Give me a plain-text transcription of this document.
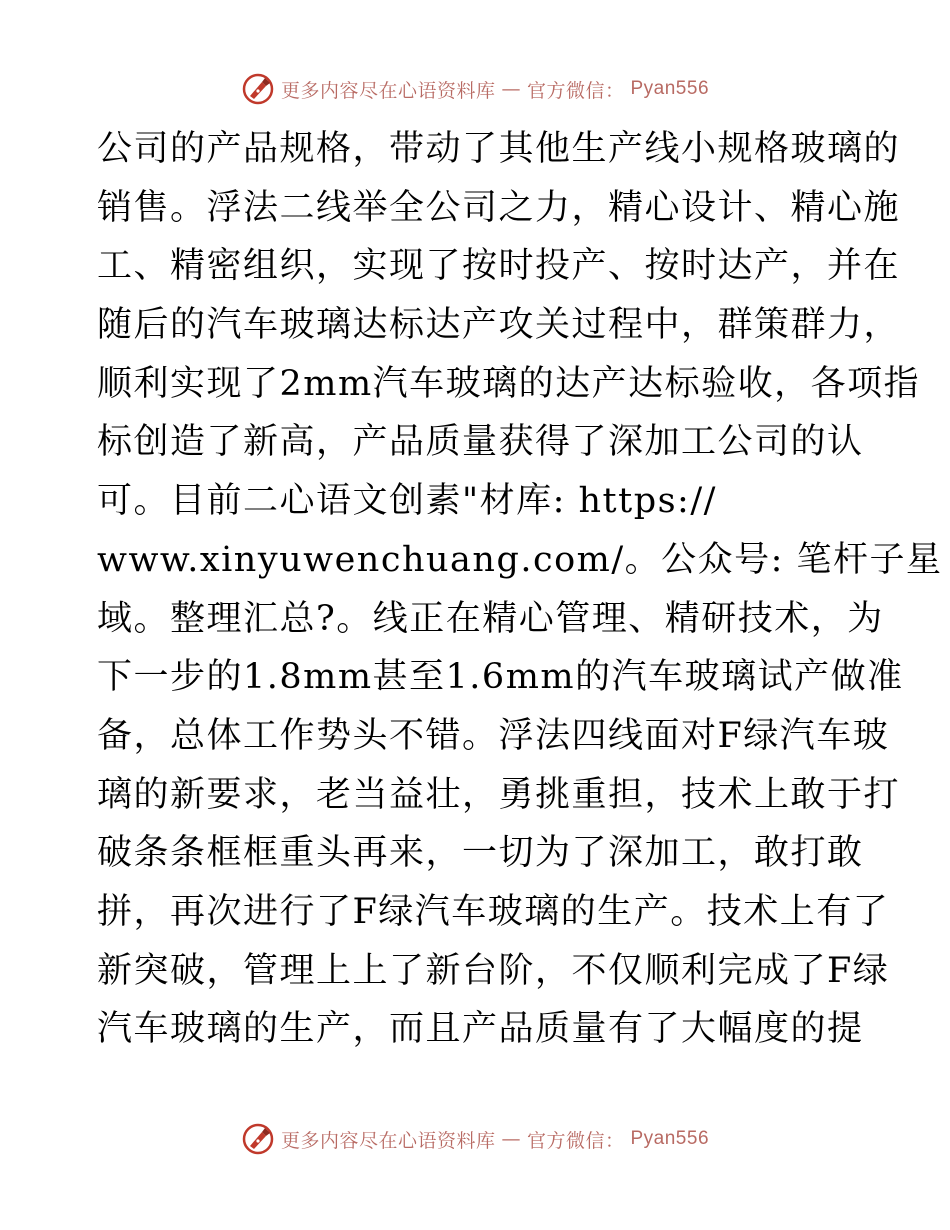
更多内容尽在心语资料库 — 官方微信： Pyan556
公司的产品规格，带动了其他生产线小规格玻璃的
销售。浮法二线举全公司之力，精心设计、精心施
工、精密组织，实现了按时投产、按时达产，并在
随后的汽车玻璃达标达产攻关过程中，群策群力，
顺利实现了2mm汽车玻璃的达产达标验收，各项指
标创造了新高，产品质量获得了深加工公司的认
可。目前二心语文创素"材库: https://
www.xinyuwenchuang.com/。公众号: 笔杆子星
域。整理汇总?。线正在精心管理、精研技术，为
下一步的1.8mm甚至1.6mm的汽车玻璃试产做准
备，总体工作势头不错。浮法四线面对F绿汽车玻
璃的新要求，老当益壮，勇挑重担，技术上敢于打
破条条框框重头再来，一切为了深加工，敢打敢
拼，再次进行了F绿汽车玻璃的生产。技术上有了
新突破，管理上上了新台阶，不仅顺利完成了F绿
汽车玻璃的生产，而且产品质量有了大幅度的提
更多内容尽在心语资料库 — 官方微信： Pyan556
